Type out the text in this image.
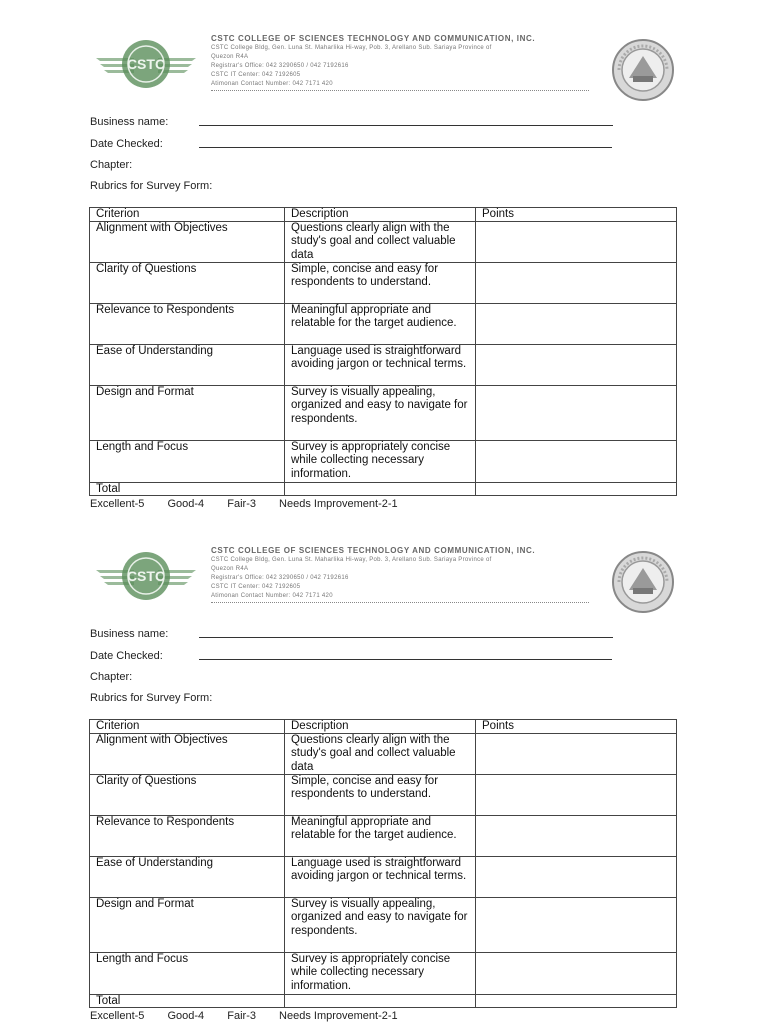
CSTC
CSTC COLLEGE OF SCIENCES TECHNOLOGY AND COMMUNICATION, INC.
CSTC College Bldg, Gen. Luna St. Maharlika Hi-way, Pob. 3, Arellano Sub. Sariaya Province of
Quezon R4A
Registrar's Office: 042 3290650 / 042 7192616
CSTC IT Center: 042 7192605
Atimonan Contact Number: 042 7171 420
Business name:
Date Checked:
Chapter:
Rubrics for Survey Form:
Criterion	Description	Points
Alignment with Objectives	Questions clearly align with the study's goal and collect valuable data	
Clarity of Questions	Simple, concise and easy for respondents to understand.	
Relevance to Respondents	Meaningful appropriate and relatable for the target audience.	
Ease of Understanding	Language used is straightforward avoiding jargon or technical terms.	
Design and Format	Survey is visually appealing, organized and easy to navigate for respondents.	
Length and Focus	Survey is appropriately concise while collecting necessary information.	
Total		
Excellent-5 Good-4 Fair-3 Needs Improvement-2-1
CSTC
CSTC COLLEGE OF SCIENCES TECHNOLOGY AND COMMUNICATION, INC.
CSTC College Bldg, Gen. Luna St. Maharlika Hi-way, Pob. 3, Arellano Sub. Sariaya Province of
Quezon R4A
Registrar's Office: 042 3290650 / 042 7192616
CSTC IT Center: 042 7192605
Atimonan Contact Number: 042 7171 420
Business name:
Date Checked:
Chapter:
Rubrics for Survey Form:
Criterion	Description	Points
Alignment with Objectives	Questions clearly align with the study's goal and collect valuable data	
Clarity of Questions	Simple, concise and easy for respondents to understand.	
Relevance to Respondents	Meaningful appropriate and relatable for the target audience.	
Ease of Understanding	Language used is straightforward avoiding jargon or technical terms.	
Design and Format	Survey is visually appealing, organized and easy to navigate for respondents.	
Length and Focus	Survey is appropriately concise while collecting necessary information.	
Total		
Excellent-5 Good-4 Fair-3 Needs Improvement-2-1
